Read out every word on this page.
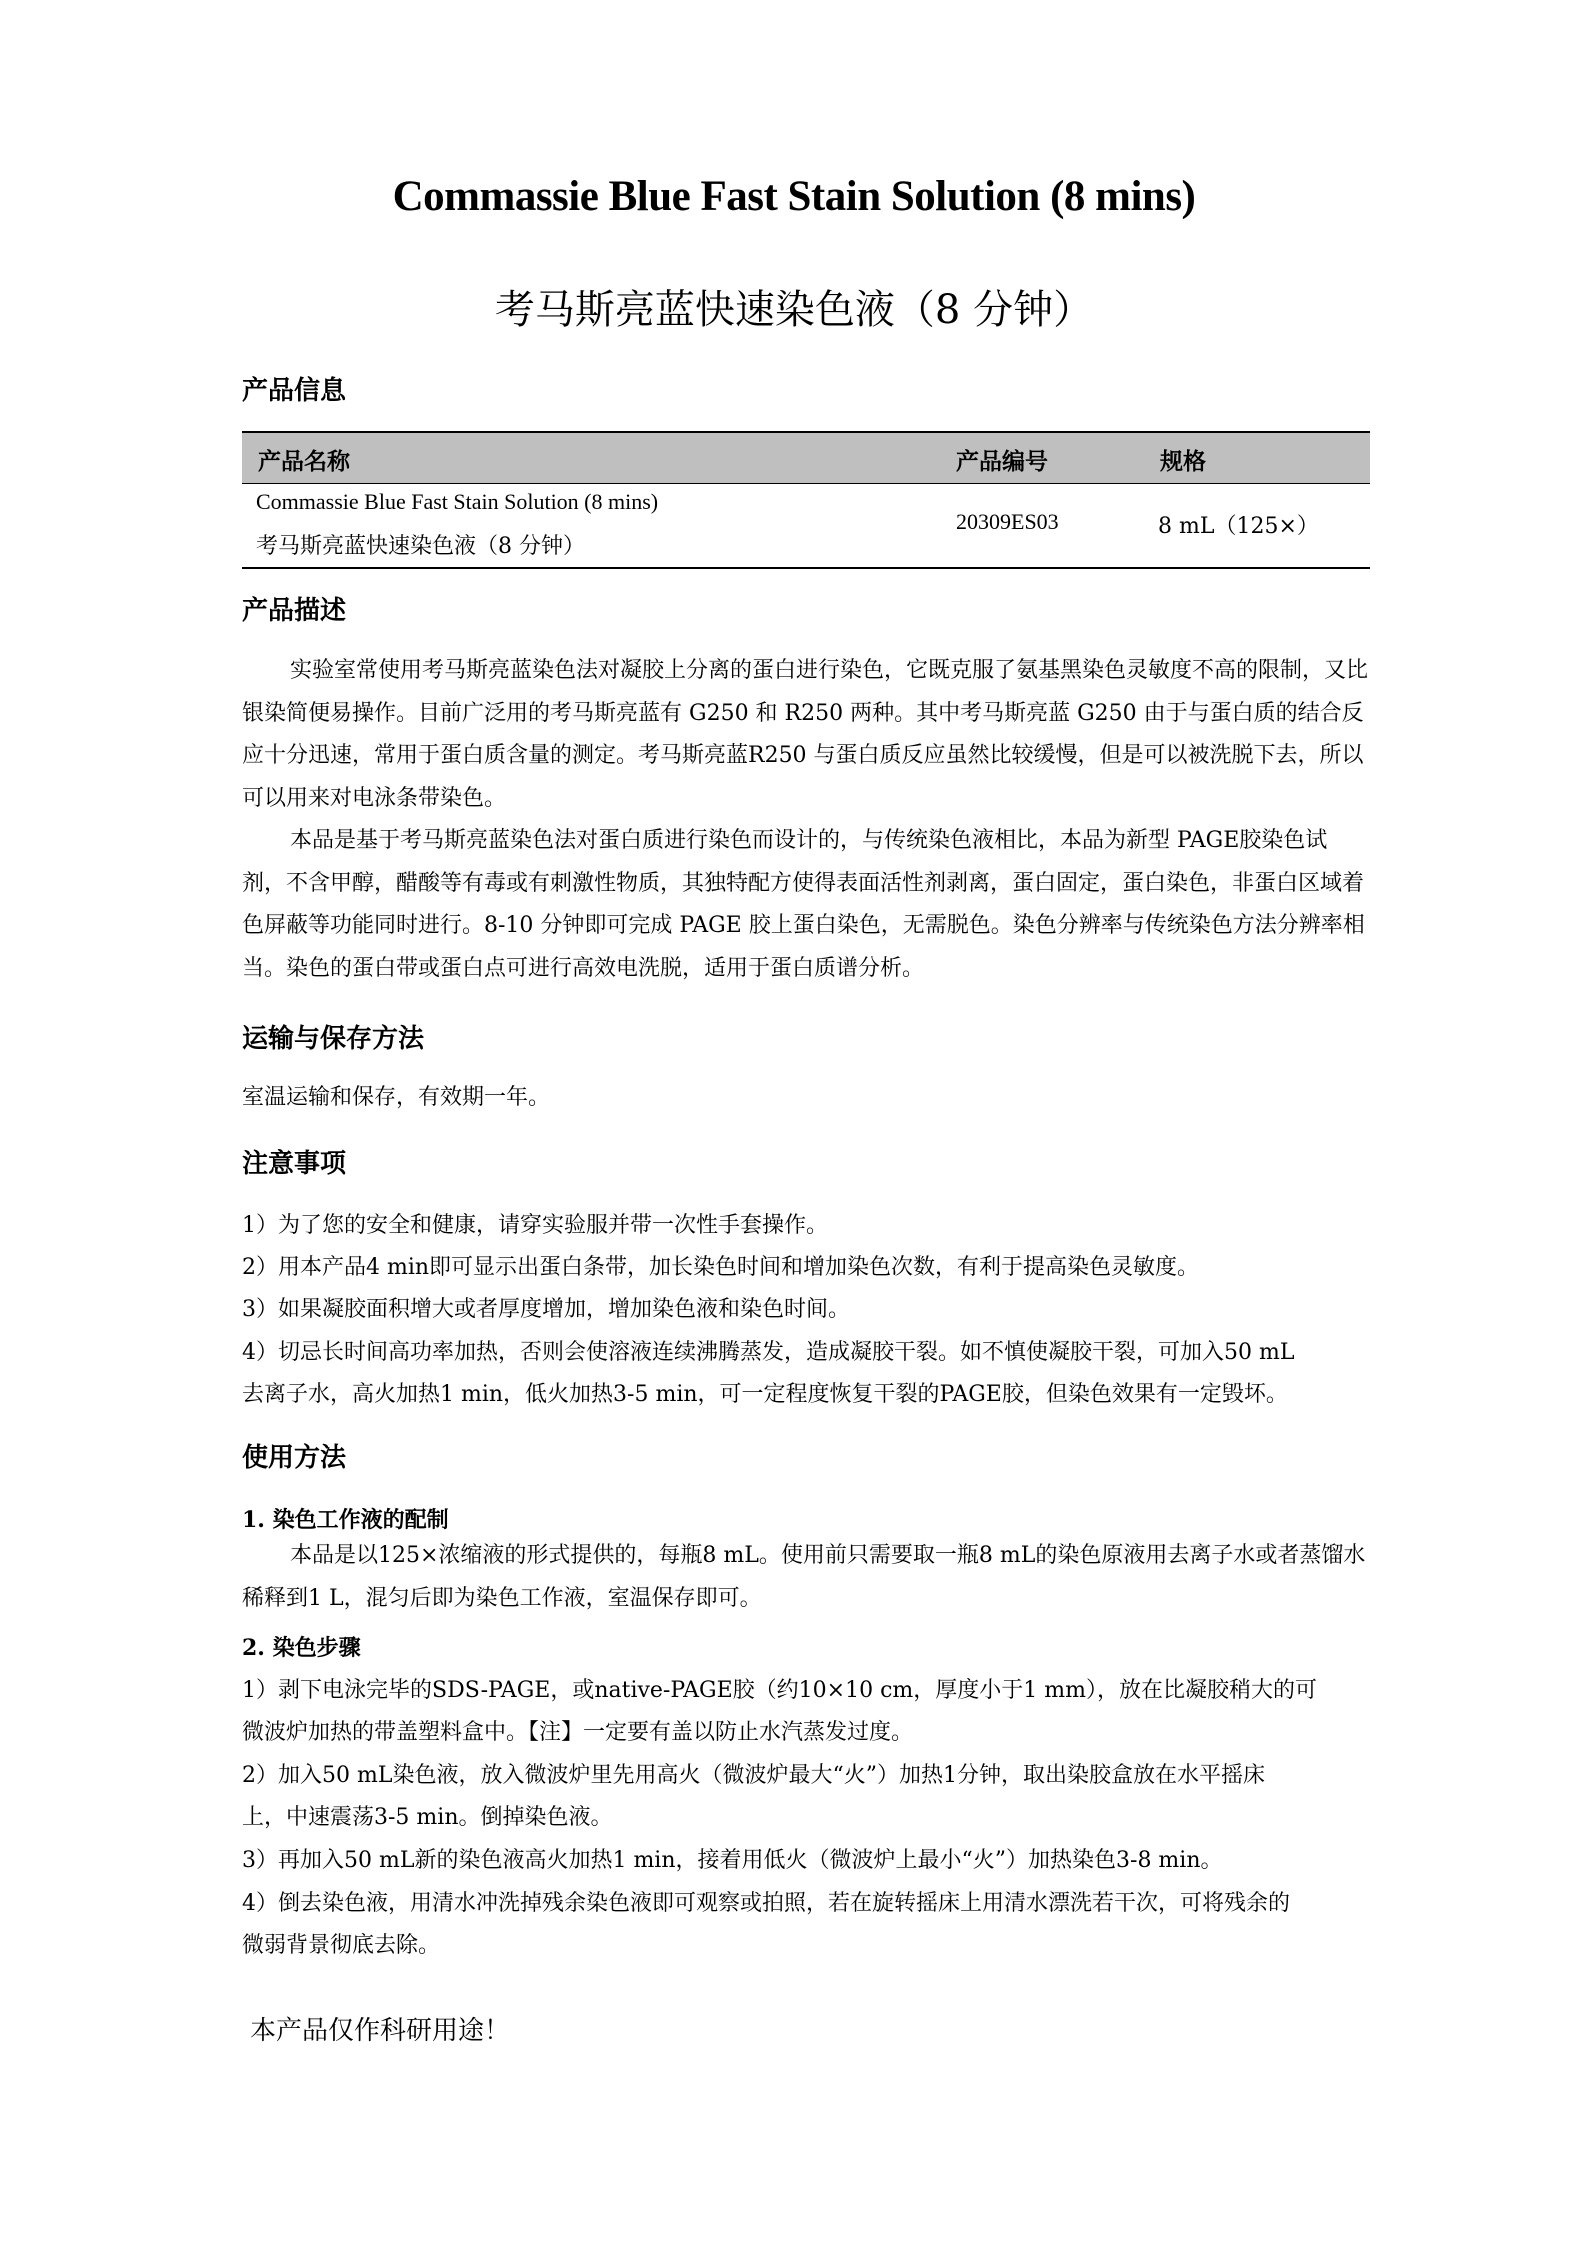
Commassie Blue Fast Stain Solution (8 mins)
考马斯亮蓝快速染色液（8 分钟）
产品信息
产品名称	产品编号	规格
Commassie Blue Fast Stain Solution (8 mins)
考马斯亮蓝快速染色液（8 分钟）
20309ES03	8 mL（125×）
产品描述

实验室常使用考马斯亮蓝染色法对凝胶上分离的蛋白进行染色，它既克服了氨基黑染色灵敏度不高的限制，又比银染简便易操作。目前广泛用的考马斯亮蓝有 G250 和 R250 两种。其中考马斯亮蓝 G250 由于与蛋白质的结合反应十分迅速，常用于蛋白质含量的测定。考马斯亮蓝R250 与蛋白质反应虽然比较缓慢，但是可以被洗脱下去，所以可以用来对电泳条带染色。

本品是基于考马斯亮蓝染色法对蛋白质进行染色而设计的，与传统染色液相比，本品为新型 PAGE胶染色试剂，不含甲醇，醋酸等有毒或有刺激性物质，其独特配方使得表面活性剂剥离，蛋白固定，蛋白染色，非蛋白区域着色屏蔽等功能同时进行。8-10 分钟即可完成 PAGE 胶上蛋白染色，无需脱色。染色分辨率与传统染色方法分辨率相当。染色的蛋白带或蛋白点可进行高效电洗脱，适用于蛋白质谱分析。

运输与保存方法
室温运输和保存，有效期一年。
注意事项
1）为了您的安全和健康，请穿实验服并带一次性手套操作。
2）用本产品4 min即可显示出蛋白条带，加长染色时间和增加染色次数，有利于提高染色灵敏度。
3）如果凝胶面积增大或者厚度增加，增加染色液和染色时间。
4）切忌长时间高功率加热，否则会使溶液连续沸腾蒸发，造成凝胶干裂。如不慎使凝胶干裂，可加入50 mL
去离子水，高火加热1 min，低火加热3-5 min，可一定程度恢复干裂的PAGE胶，但染色效果有一定毁坏。
使用方法
1. 染色工作液的配制

本品是以125×浓缩液的形式提供的，每瓶8 mL。使用前只需要取一瓶8 mL的染色原液用去离子水或者蒸馏水稀释到1 L，混匀后即为染色工作液，室温保存即可。

2. 染色步骤
1）剥下电泳完毕的SDS-PAGE，或native-PAGE胶（约10×10 cm，厚度小于1 mm），放在比凝胶稍大的可
微波炉加热的带盖塑料盒中。【注】一定要有盖以防止水汽蒸发过度。
2）加入50 mL染色液，放入微波炉里先用高火（微波炉最大“火”）加热1分钟，取出染胶盒放在水平摇床
上，中速震荡3-5 min。倒掉染色液。
3）再加入50 mL新的染色液高火加热1 min，接着用低火（微波炉上最小“火”）加热染色3-8 min。
4）倒去染色液，用清水冲洗掉残余染色液即可观察或拍照，若在旋转摇床上用清水漂洗若干次，可将残余的
微弱背景彻底去除。
本产品仅作科研用途！
